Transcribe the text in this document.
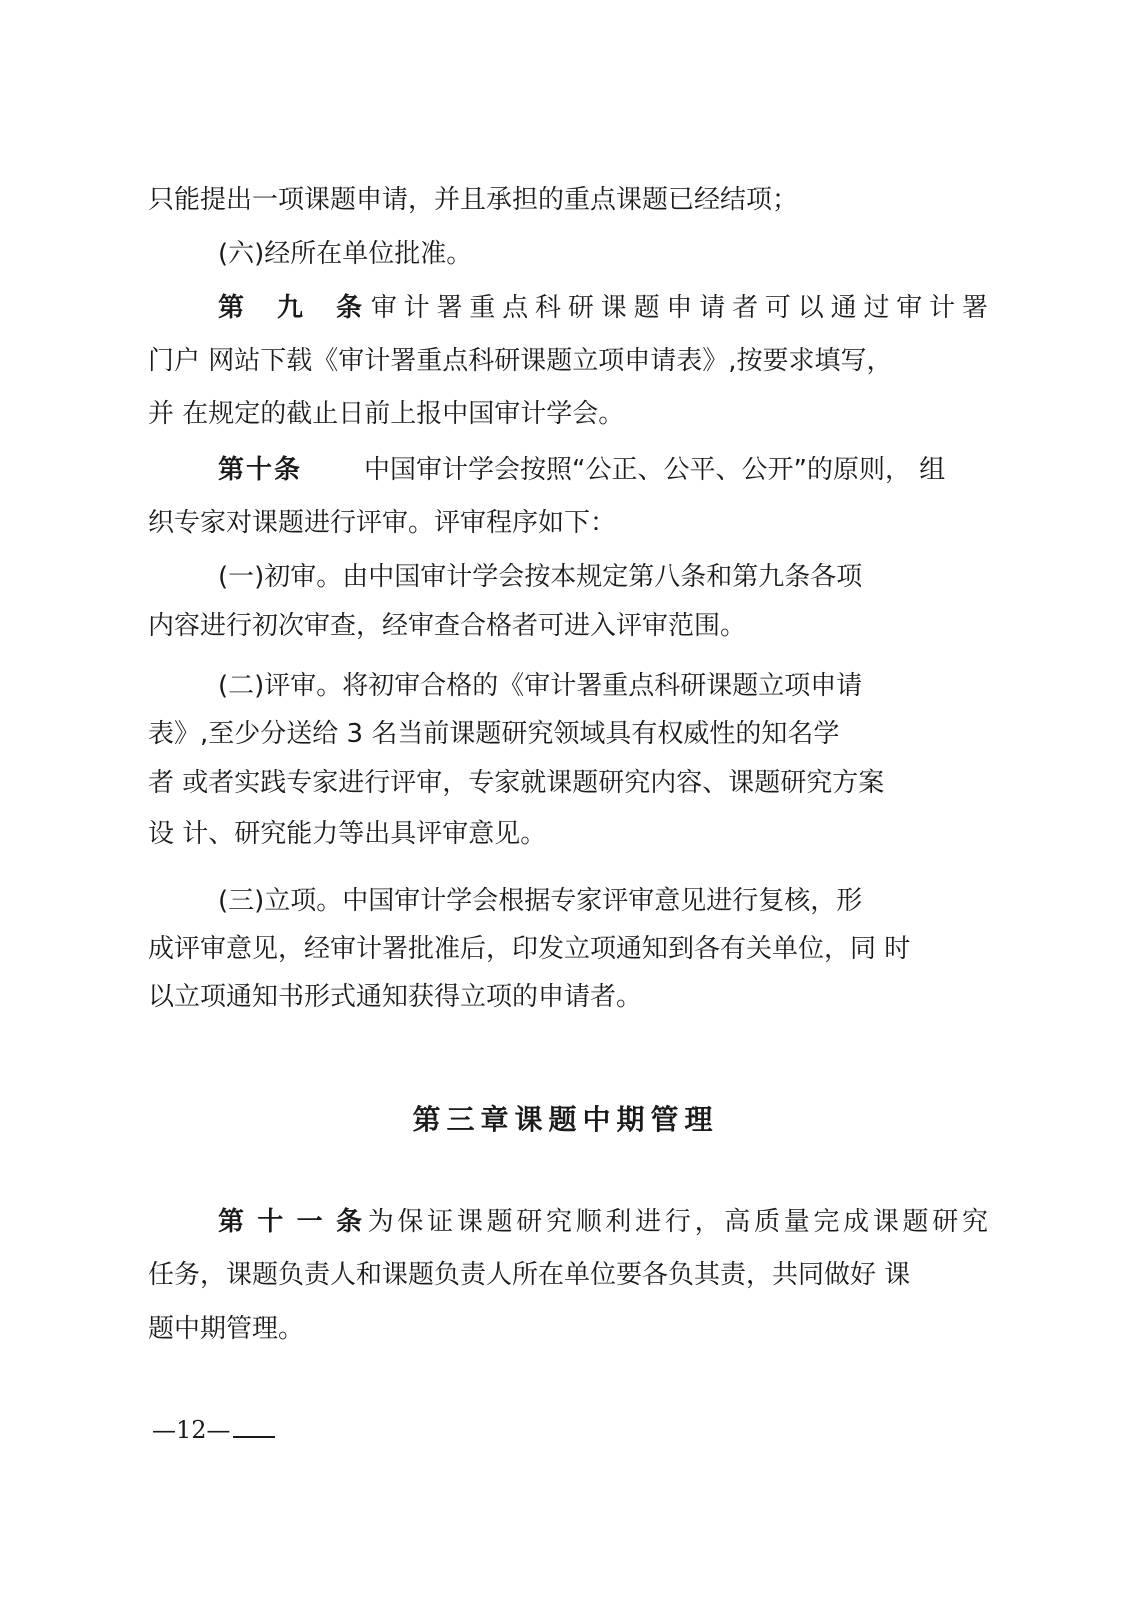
只能提出一项课题申请，并且承担的重点课题已经结项；
(六)经所在单位批准。
第九条审计署重点科研课题申请者可以通过审计署
门户 网站下载《审计署重点科研课题立项申请表》,按要求填写，
并 在规定的截止日前上报中国审计学会。
第十条 中国审计学会按照“公正、公平、公开”的原则， 组
织专家对课题进行评审。评审程序如下：
(一)初审。由中国审计学会按本规定第八条和第九条各项
内容进行初次审查，经审查合格者可进入评审范围。
(二)评审。将初审合格的《审计署重点科研课题立项申请
表》,至少分送给 3 名当前课题研究领域具有权威性的知名学
者 或者实践专家进行评审，专家就课题研究内容、课题研究方案
设 计、研究能力等出具评审意见。
(三)立项。中国审计学会根据专家评审意见进行复核，形
成评审意见，经审计署批准后，印发立项通知到各有关单位，同 时
以立项通知书形式通知获得立项的申请者。
第三章课题中期管理
第十一条为保证课题研究顺利进行，高质量完成课题研究
任务，课题负责人和课题负责人所在单位要各负其责，共同做好 课
题中期管理。
—12—
